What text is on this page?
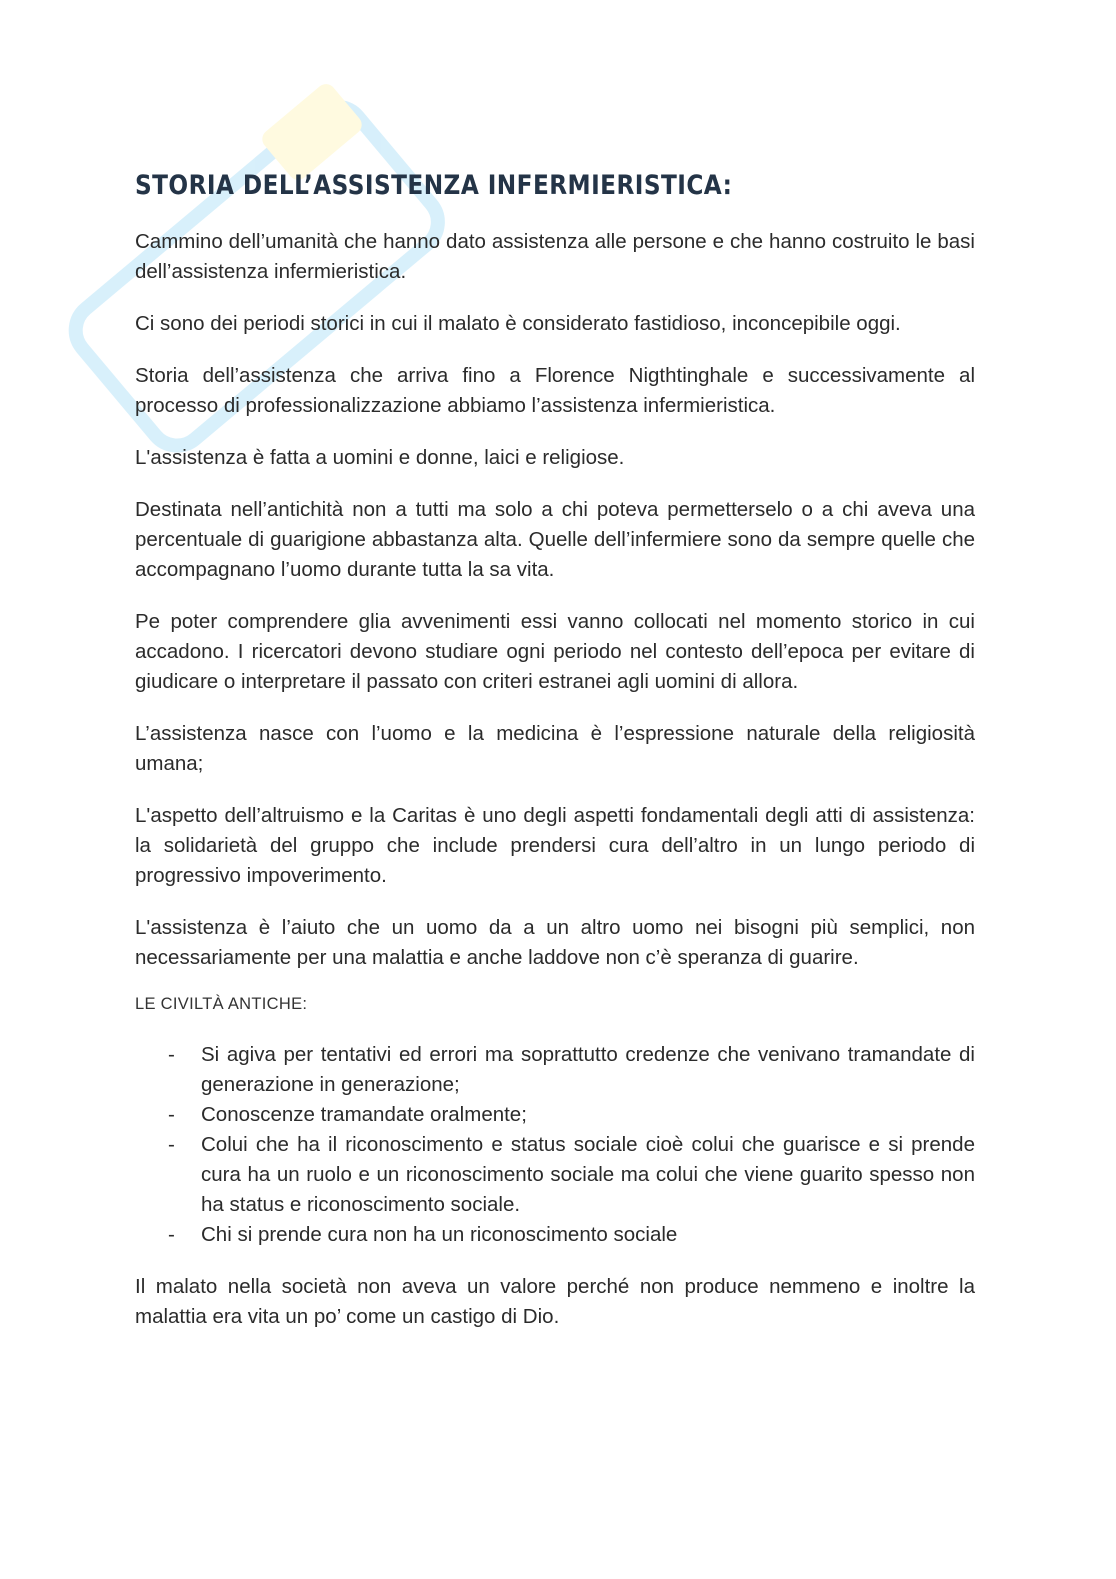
STORIA DELL’ASSISTENZA INFERMIERISTICA:

Cammino dell’umanità che hanno dato assistenza alle persone e che hanno costruito le basi dell’assistenza infermieristica.

Ci sono dei periodi storici in cui il malato è considerato fastidioso, inconcepibile oggi.

Storia dell’assistenza che arriva fino a Florence Nigthtinghale e successivamente al processo di professionalizzazione abbiamo l’assistenza infermieristica.

L'assistenza è fatta a uomini e donne, laici e religiose.

Destinata nell’antichità non a tutti ma solo a chi poteva permetterselo o a chi aveva una percentuale di guarigione abbastanza alta. Quelle dell’infermiere sono da sempre quelle che accompagnano l’uomo durante tutta la sa vita.

Pe poter comprendere glia avvenimenti essi vanno collocati nel momento storico in cui accadono. I ricercatori devono studiare ogni periodo nel contesto dell’epoca per evitare di giudicare o interpretare il passato con criteri estranei agli uomini di allora.

L’assistenza nasce con l’uomo e la medicina è l’espressione naturale della religiosità umana;

L'aspetto dell’altruismo e la Caritas è uno degli aspetti fondamentali degli atti di assistenza: la solidarietà del gruppo che include prendersi cura dell’altro in un lungo periodo di progressivo impoverimento.

L'assistenza è l’aiuto che un uomo da a un altro uomo nei bisogni più semplici, non necessariamente per una malattia e anche laddove non c’è speranza di guarire.

LE CIVILTÀ ANTICHE:
- Si agiva per tentativi ed errori ma soprattutto credenze che venivano tramandate di generazione in generazione;
- Conoscenze tramandate oralmente;
- Colui che ha il riconoscimento e status sociale cioè colui che guarisce e si prende cura ha un ruolo e un riconoscimento sociale ma colui che viene guarito spesso non ha status e riconoscimento sociale.
- Chi si prende cura non ha un riconoscimento sociale

Il malato nella società non aveva un valore perché non produce nemmeno e inoltre la malattia era vita un po’ come un castigo di Dio.
